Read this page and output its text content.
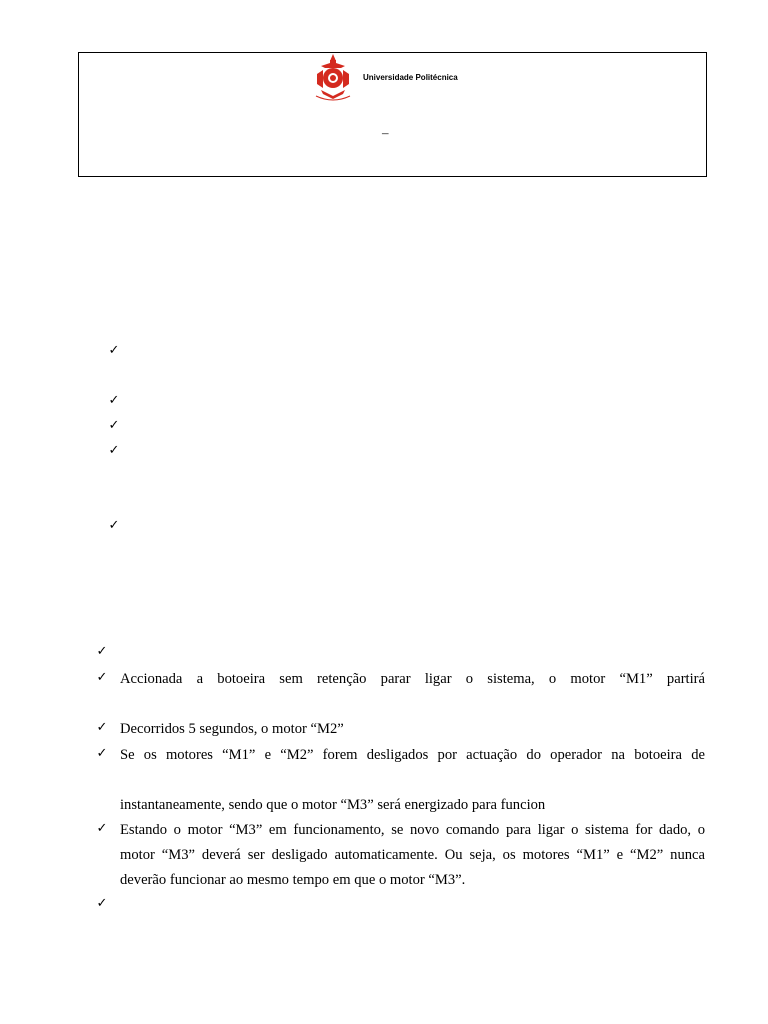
Universidade Politécnica
–
✓
✓
✓
✓
✓
✓
✓ Accionada a botoeira sem retenção parar ligar o sistema, o motor “M1” partirá
✓ Decorridos 5 segundos, o motor “M2”
✓ Se os motores “M1” e “M2” forem desligados por actuação do operador na botoeira de
instantaneamente, sendo que o motor “M3” será energizado para funcion
✓ Estando o motor “M3” em funcionamento, se novo comando para ligar o sistema for dado, o
motor “M3” deverá ser desligado automaticamente. Ou seja, os motores “M1” e “M2” nunca
deverão funcionar ao mesmo tempo em que o motor “M3”.
✓
